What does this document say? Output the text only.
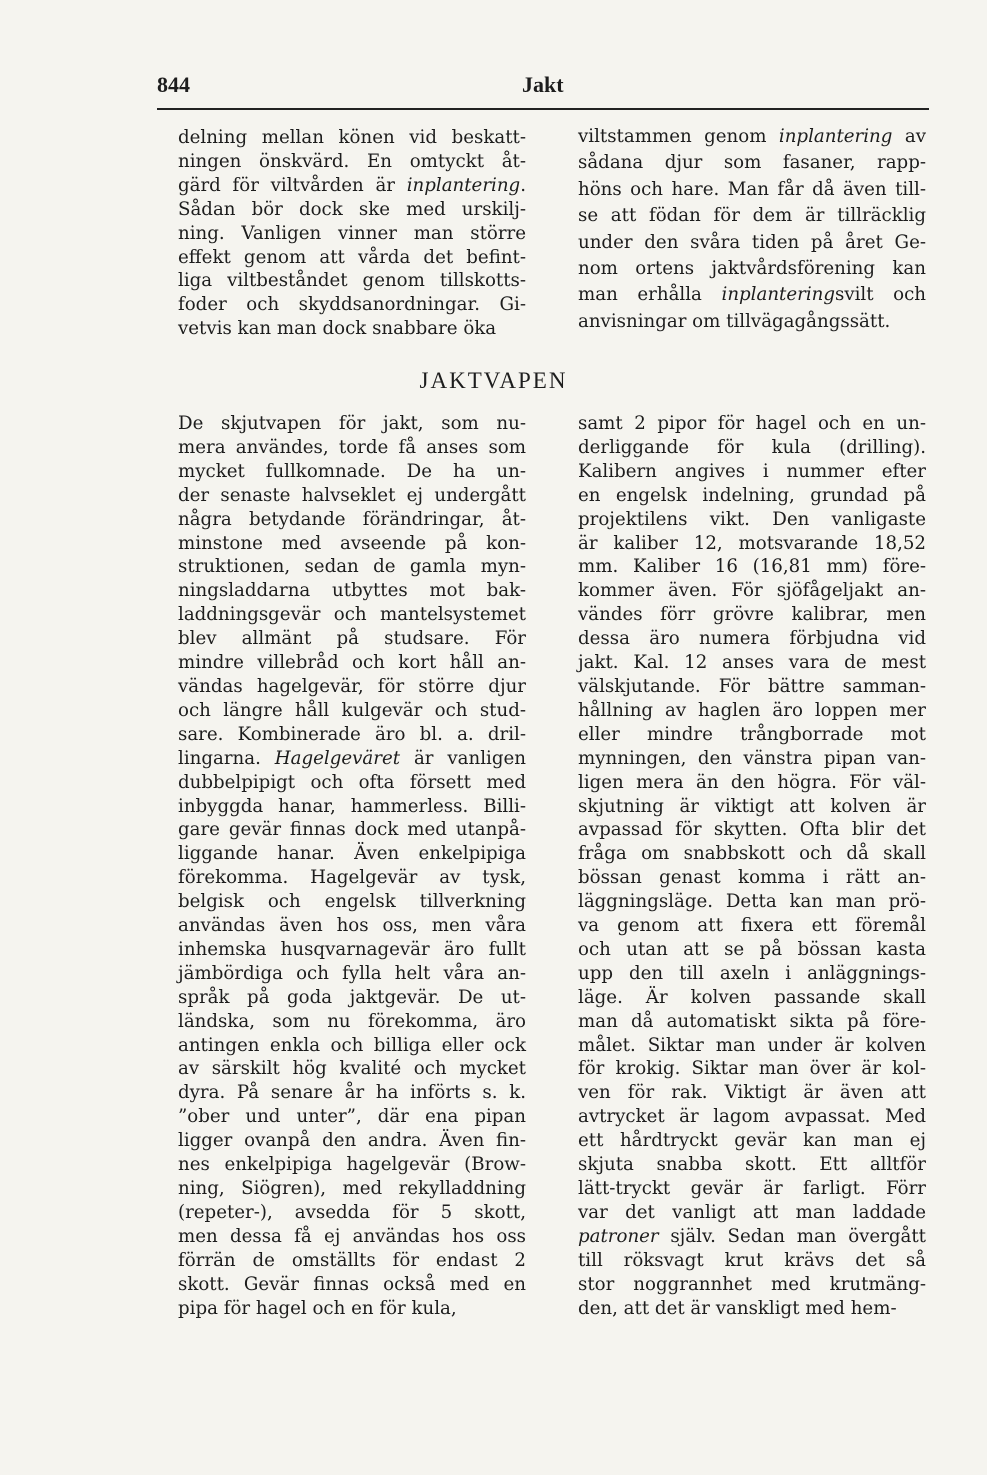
844	Jakt
delning mellan könen vid beskatt-
ningen önskvärd. En omtyckt åt-
gärd för viltvården är inplantering.
Sådan bör dock ske med urskilj-
ning. Vanligen vinner man större
effekt genom att vårda det befint-
liga viltbeståndet genom tillskotts-
foder och skyddsanordningar. Gi-
vetvis kan man dock snabbare öka
viltstammen genom inplantering av
sådana djur som fasaner, rapp-
höns och hare. Man får då även till-
se att födan för dem är tillräcklig
under den svåra tiden på året Ge-
nom ortens jaktvårdsförening kan
man erhålla inplanteringsvilt och
anvisningar om tillvägagångssätt.
JAKTVAPEN
De skjutvapen för jakt, som nu-
mera användes, torde få anses som
mycket fullkomnade. De ha un-
der senaste halvseklet ej undergått
några betydande förändringar, åt-
minstone med avseende på kon-
struktionen, sedan de gamla myn-
ningsladdarna utbyttes mot bak-
laddningsgevär och mantelsystemet
blev allmänt på studsare. För
mindre villebråd och kort håll an-
vändas hagelgevär, för större djur
och längre håll kulgevär och stud-
sare. Kombinerade äro bl. a. dril-
lingarna. Hagelgeväret är vanligen
dubbelpipigt och ofta försett med
inbyggda hanar, hammerless. Billi-
gare gevär finnas dock med utanpå-
liggande hanar. Även enkelpipiga
förekomma. Hagelgevär av tysk,
belgisk och engelsk tillverkning
användas även hos oss, men våra
inhemska husqvarnagevär äro fullt
jämbördiga och fylla helt våra an-
språk på goda jaktgevär. De ut-
ländska, som nu förekomma, äro
antingen enkla och billiga eller ock
av särskilt hög kvalité och mycket
dyra. På senare år ha införts s. k.
”ober und unter”, där ena pipan
ligger ovanpå den andra. Även fin-
nes enkelpipiga hagelgevär (Brow-
ning, Siögren), med rekylladdning
(repeter-), avsedda för 5 skott,
men dessa få ej användas hos oss
förrän de omställts för endast 2
skott. Gevär finnas också med en
pipa för hagel och en för kula,
samt 2 pipor för hagel och en un-
derliggande för kula (drilling).
Kalibern angives i nummer efter
en engelsk indelning, grundad på
projektilens vikt. Den vanligaste
är kaliber 12, motsvarande 18,52
mm. Kaliber 16 (16,81 mm) före-
kommer även. För sjöfågeljakt an-
vändes förr grövre kalibrar, men
dessa äro numera förbjudna vid
jakt. Kal. 12 anses vara de mest
välskjutande. För bättre samman-
hållning av haglen äro loppen mer
eller mindre trångborrade mot
mynningen, den vänstra pipan van-
ligen mera än den högra. För väl-
skjutning är viktigt att kolven är
avpassad för skytten. Ofta blir det
fråga om snabbskott och då skall
bössan genast komma i rätt an-
läggningsläge. Detta kan man prö-
va genom att fixera ett föremål
och utan att se på bössan kasta
upp den till axeln i anläggnings-
läge. Är kolven passande skall
man då automatiskt sikta på före-
målet. Siktar man under är kolven
för krokig. Siktar man över är kol-
ven för rak. Viktigt är även att
avtrycket är lagom avpassat. Med
ett hårdtryckt gevär kan man ej
skjuta snabba skott. Ett alltför
lätt-tryckt gevär är farligt. Förr
var det vanligt att man laddade
patroner själv. Sedan man övergått
till röksvagt krut krävs det så
stor noggrannhet med krutmäng-
den, att det är vanskligt med hem-
